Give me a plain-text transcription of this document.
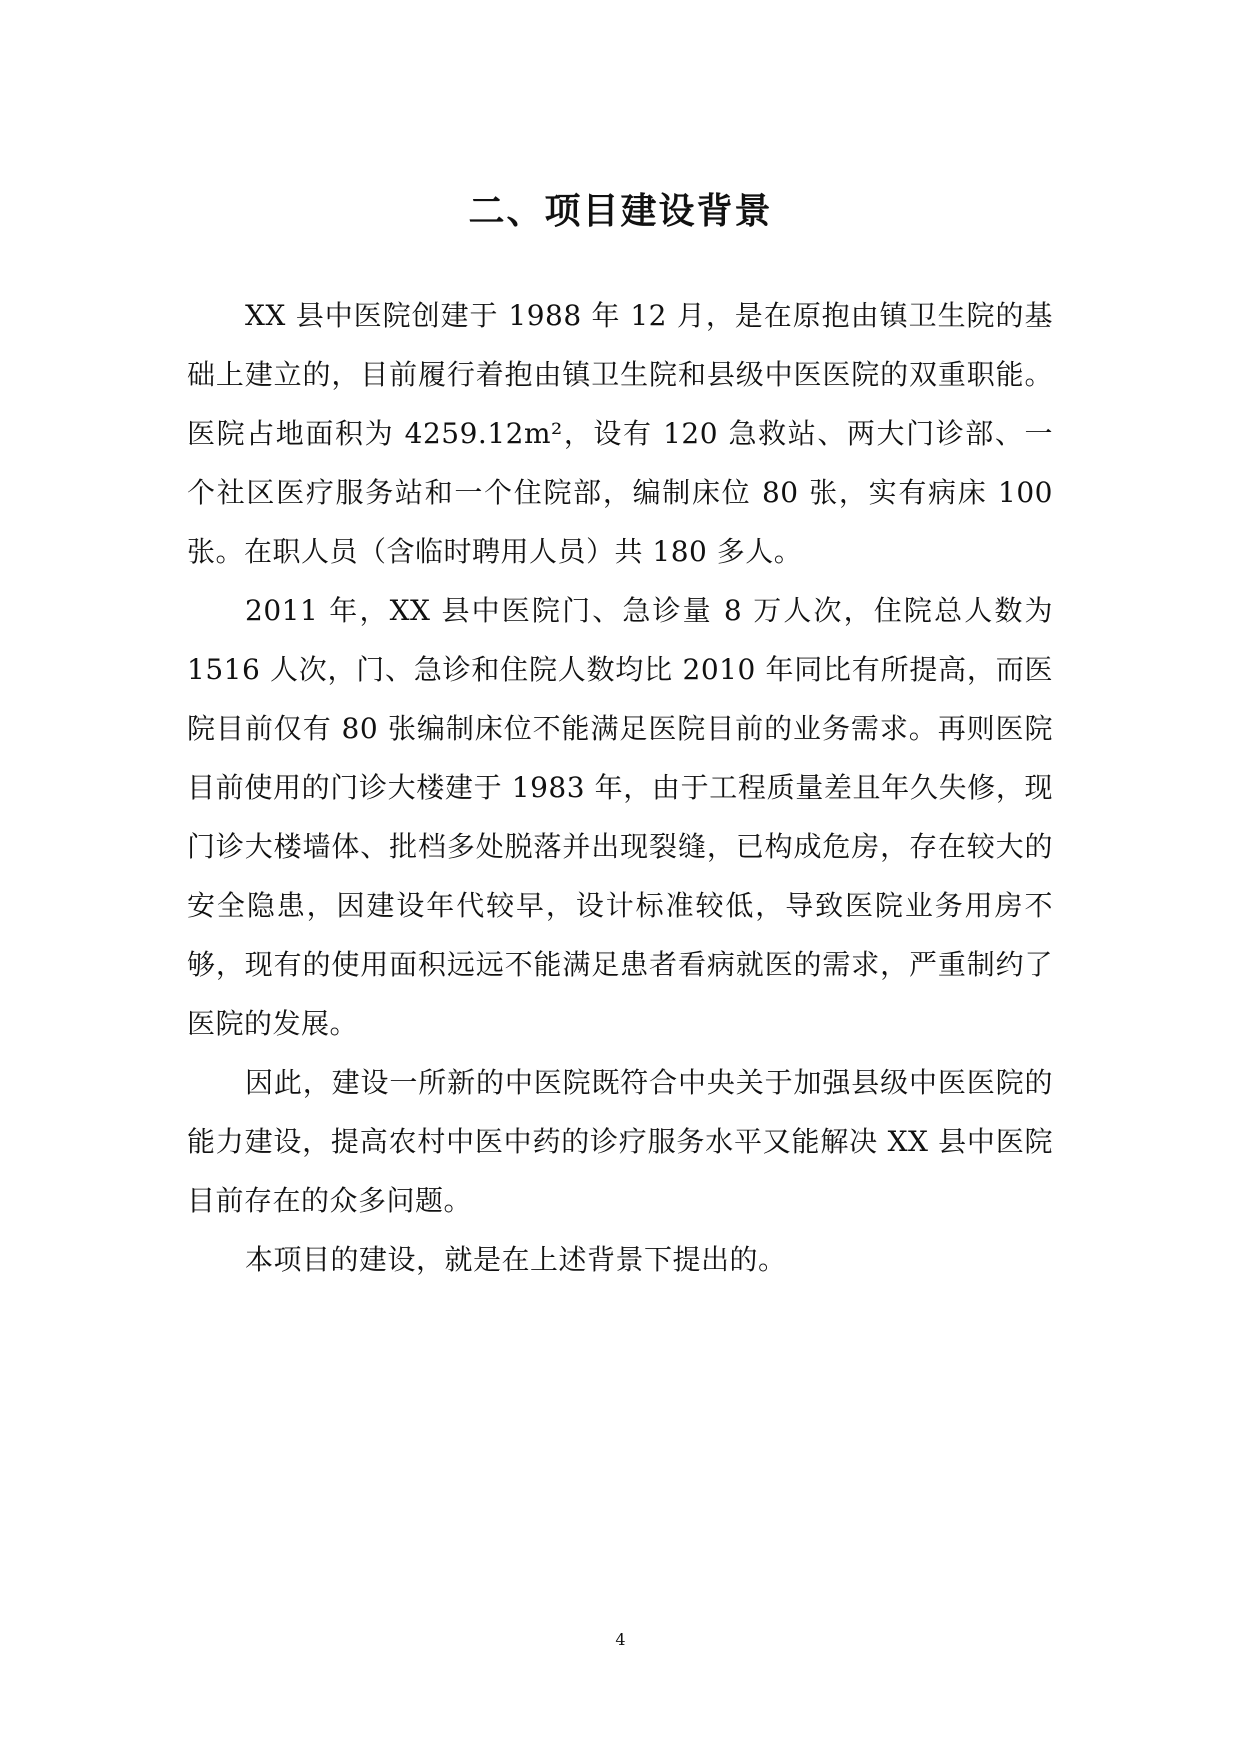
二、项目建设背景

XX 县中医院创建于 1988 年 12 月，是在原抱由镇卫生院的基础上建立的，目前履行着抱由镇卫生院和县级中医医院的双重职能。医院占地面积为 4259.12m²，设有 120 急救站、两大门诊部、一个社区医疗服务站和一个住院部，编制床位 80 张，实有病床 100 张。在职人员（含临时聘用人员）共 180 多人。

2011 年，XX 县中医院门、急诊量 8 万人次，住院总人数为 1516 人次，门、急诊和住院人数均比 2010 年同比有所提高，而医院目前仅有 80 张编制床位不能满足医院目前的业务需求。再则医院目前使用的门诊大楼建于 1983 年，由于工程质量差且年久失修，现门诊大楼墙体、批档多处脱落并出现裂缝，已构成危房，存在较大的安全隐患，因建设年代较早，设计标准较低，导致医院业务用房不够，现有的使用面积远远不能满足患者看病就医的需求，严重制约了医院的发展。

因此，建设一所新的中医院既符合中央关于加强县级中医医院的能力建设，提高农村中医中药的诊疗服务水平又能解决 XX 县中医院目前存在的众多问题。

本项目的建设，就是在上述背景下提出的。

4
